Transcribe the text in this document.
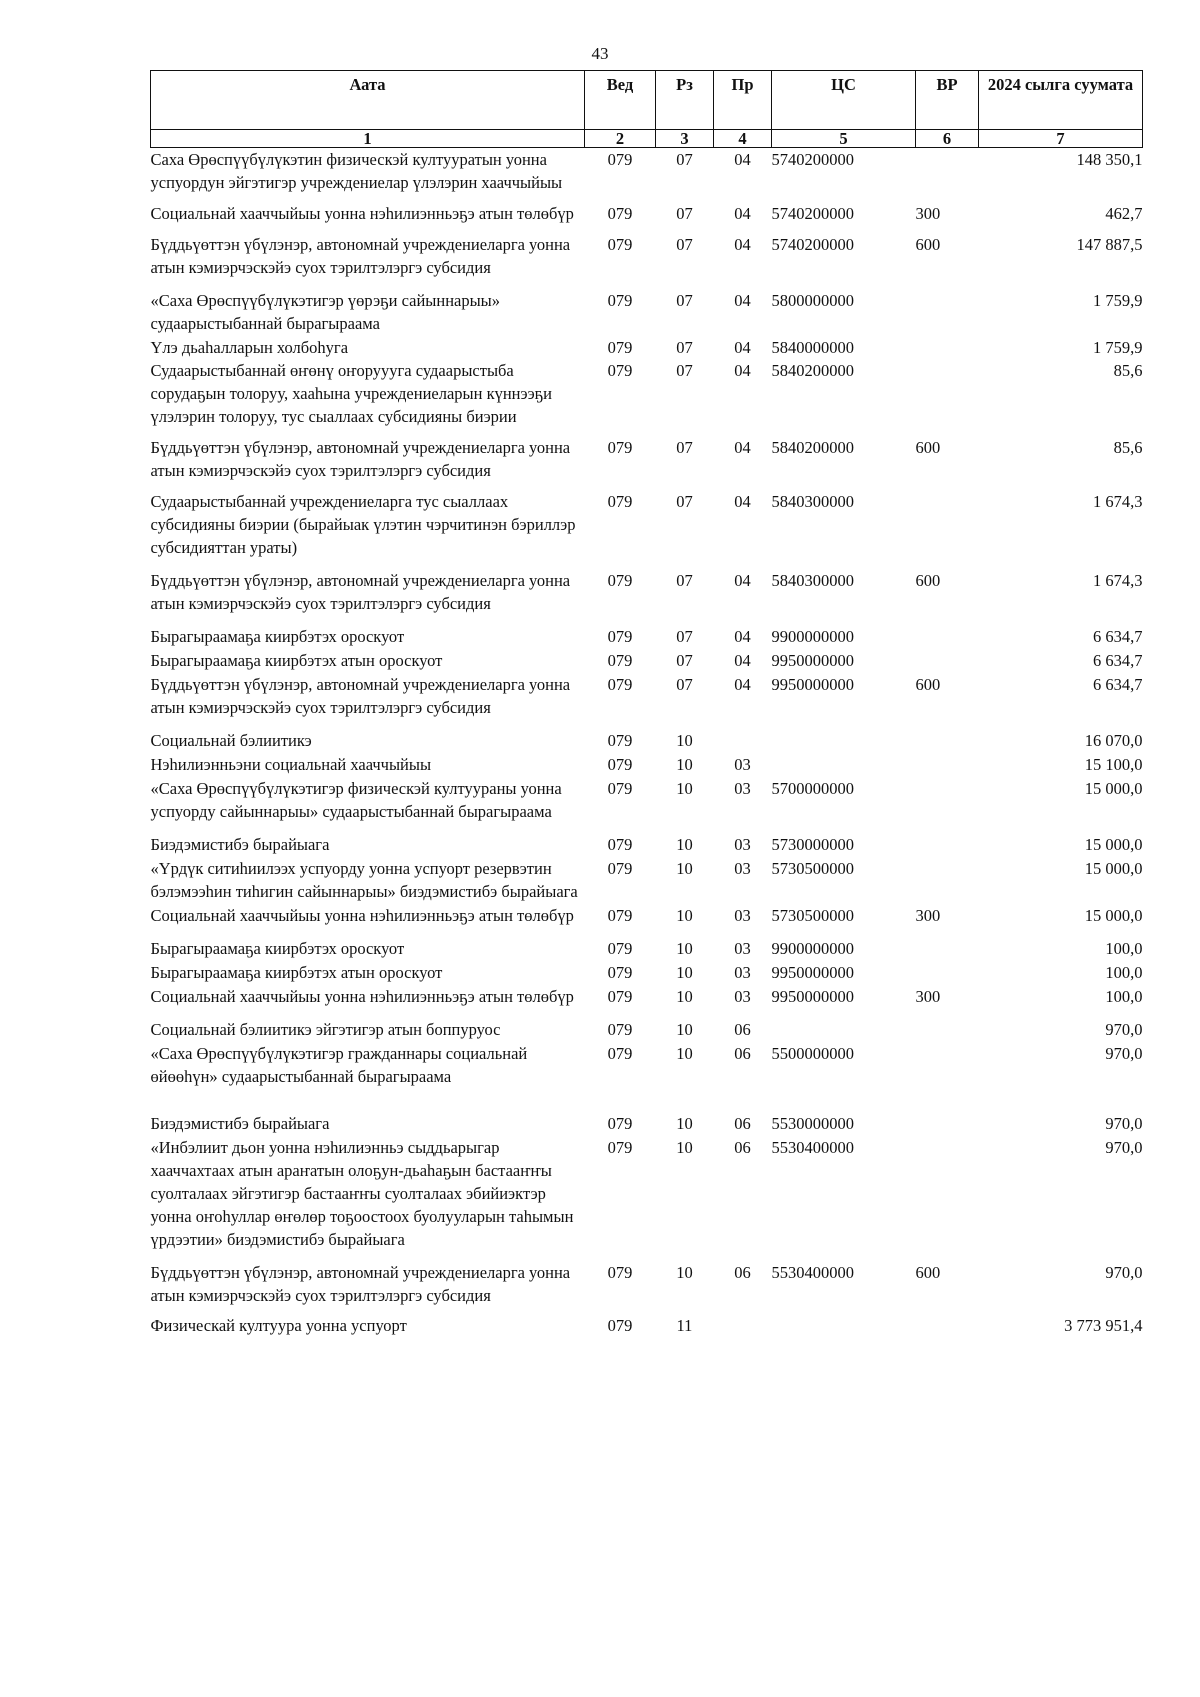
43
Аата	Вед	Рз	Пр	ЦС	ВР	2024 сылга суумата
1	2	3	4	5	6	7
Саха Өрөспүүбүлүкэтин физическэй култууратын уонна успуордун эйгэтигэр учреждениелар үлэлэрин хааччыйыы	079	07	04	5740200000		148 350,1
Социальнай хааччыйыы уонна нэһилиэнньэҕэ атын төлөбүр	079	07	04	5740200000	300	462,7
Бүддьүөттэн үбүлэнэр, автономнай учреждениеларга уонна атын кэмиэрчэскэйэ суох тэрилтэлэргэ субсидия	079	07	04	5740200000	600	147 887,5
«Саха Өрөспүүбүлүкэтигэр үөрэҕи сайыннарыы» судаарыстыбаннай бырагыраама	079	07	04	5800000000		1 759,9
Үлэ дьаһалларын холбоһуга	079	07	04	5840000000		1 759,9
Судаарыстыбаннай өҥөнү оҥоруууга судаарыстыба сорудаҕын толоруу, хааһына учреждениеларын күннээҕи үлэлэрин толоруу, тус сыаллаах субсидияны биэрии	079	07	04	5840200000		85,6
Бүддьүөттэн үбүлэнэр, автономнай учреждениеларга уонна атын кэмиэрчэскэйэ суох тэрилтэлэргэ субсидия	079	07	04	5840200000	600	85,6
Судаарыстыбаннай учреждениеларга тус сыаллаах субсидияны биэрии (бырайыак үлэтин чэрчитинэн бэриллэр субсидияттан ураты)	079	07	04	5840300000		1 674,3
Бүддьүөттэн үбүлэнэр, автономнай учреждениеларга уонна атын кэмиэрчэскэйэ суох тэрилтэлэргэ субсидия	079	07	04	5840300000	600	1 674,3
Бырагыраамаҕа киирбэтэх ороскуот	079	07	04	9900000000		6 634,7
Бырагыраамаҕа киирбэтэх атын ороскуот	079	07	04	9950000000		6 634,7
Бүддьүөттэн үбүлэнэр, автономнай учреждениеларга уонна атын кэмиэрчэскэйэ суох тэрилтэлэргэ субсидия	079	07	04	9950000000	600	6 634,7
Социальнай бэлиитикэ	079	10				16 070,0
Нэһилиэнньэни социальнай хааччыйыы	079	10	03			15 100,0
«Саха Өрөспүүбүлүкэтигэр физическэй култуураны уонна успуорду сайыннарыы» судаарыстыбаннай бырагыраама	079	10	03	5700000000		15 000,0
Биэдэмистибэ бырайыага	079	10	03	5730000000		15 000,0
«Үрдүк ситиһиилээх успуорду уонна успуорт резервэтин бэлэмээһин тиһигин сайыннарыы» биэдэмистибэ бырайыага	079	10	03	5730500000		15 000,0
Социальнай хааччыйыы уонна нэһилиэнньэҕэ атын төлөбүр	079	10	03	5730500000	300	15 000,0
Бырагыраамаҕа киирбэтэх ороскуот	079	10	03	9900000000		100,0
Бырагыраамаҕа киирбэтэх атын ороскуот	079	10	03	9950000000		100,0
Социальнай хааччыйыы уонна нэһилиэнньэҕэ атын төлөбүр	079	10	03	9950000000	300	100,0
Социальнай бэлиитикэ эйгэтигэр атын боппуруос	079	10	06			970,0
«Саха Өрөспүүбүлүкэтигэр гражданнары социальнай өйөөһүн» судаарыстыбаннай бырагыраама	079	10	06	5500000000		970,0
Биэдэмистибэ бырайыага	079	10	06	5530000000		970,0
«Инбэлиит дьон уонна нэһилиэнньэ сыддьарыгар хааччахтаах атын араҥатын олоҕун-дьаһаҕын бастааҥҥы суолталаах эйгэтигэр бастааҥҥы суолталаах эбийиэктэр уонна оҥоһуллар өҥөлөр тоҕоостоох буолууларын таһымын үрдээтии» биэдэмистибэ бырайыага	079	10	06	5530400000		970,0
Бүддьүөттэн үбүлэнэр, автономнай учреждениеларга уонна атын кэмиэрчэскэйэ суох тэрилтэлэргэ субсидия	079	10	06	5530400000	600	970,0
Физическай култуура уонна успуорт	079	11				3 773 951,4
